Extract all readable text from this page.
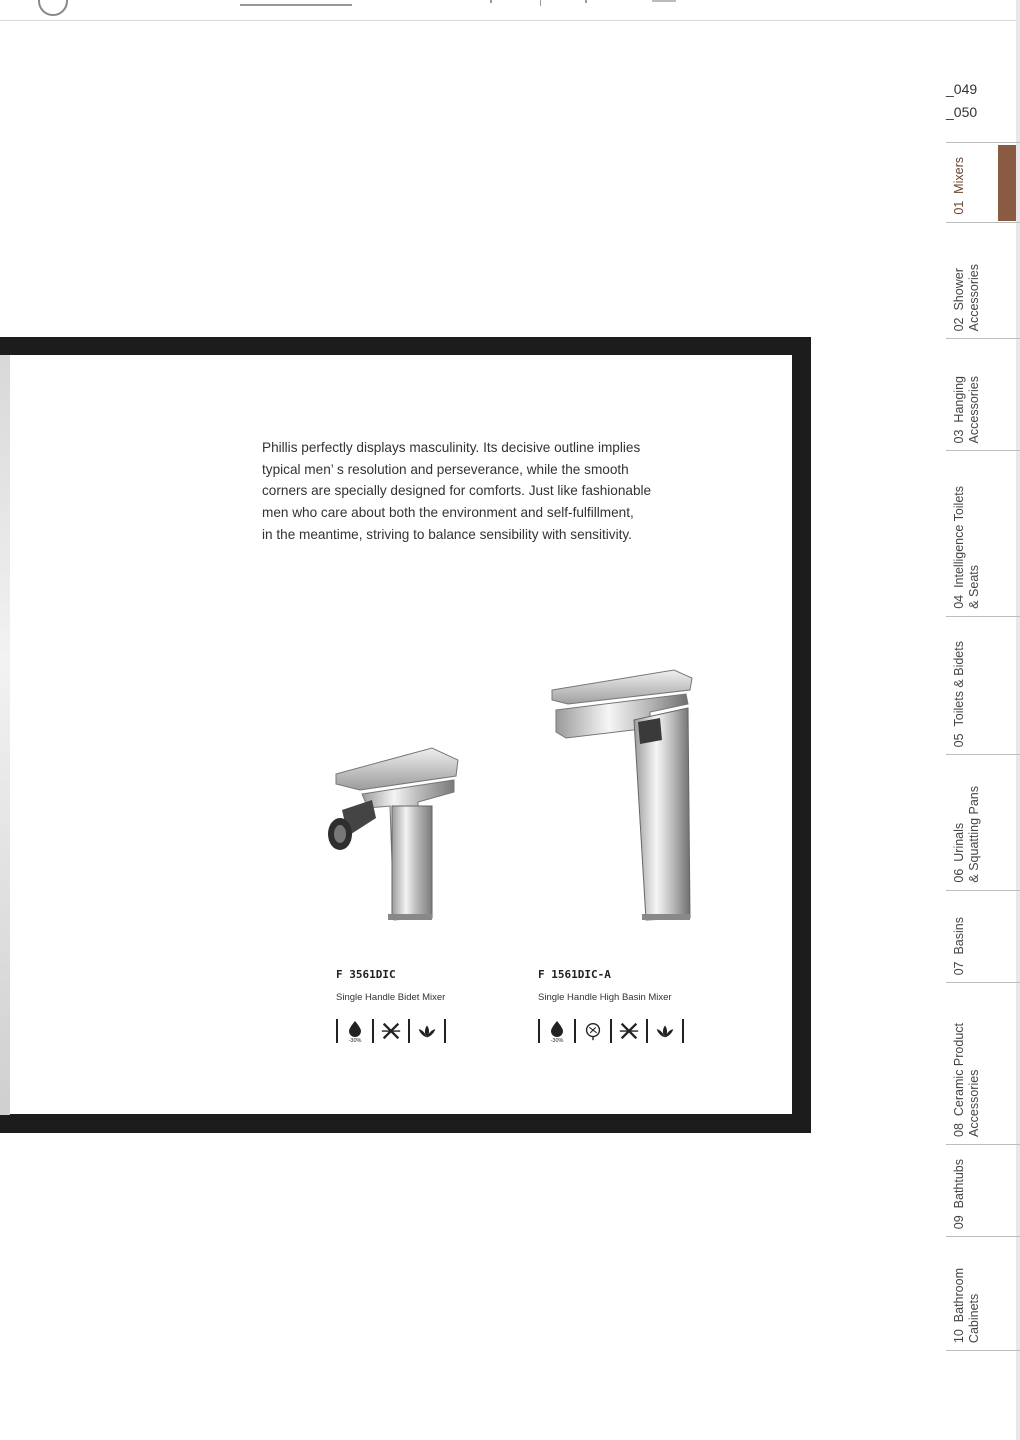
_049
_050
01  Mixers
02  Shower
Accessories
03  Hanging
Accessories
04  Intelligence Toilets
& Seats
05  Toilets & Bidets
06  Urinals
& Squatting Pans
07  Basins
08  Ceramic Product
Accessories
09  Bathtubs
10  Bathroom
Cabinets

Phillis perfectly displays masculinity. Its decisive outline implies

typical men’ s resolution and perseverance, while the smooth

corners are specially designed for comforts. Just like fashionable

men who care about both the environment and self-fulfillment,

in the meantime, striving to balance sensibility with sensitivity.

F 3561DIC
Single Handle Bidet Mixer
-30%
F 1561DIC-A
Single Handle High Basin Mixer
-30%
